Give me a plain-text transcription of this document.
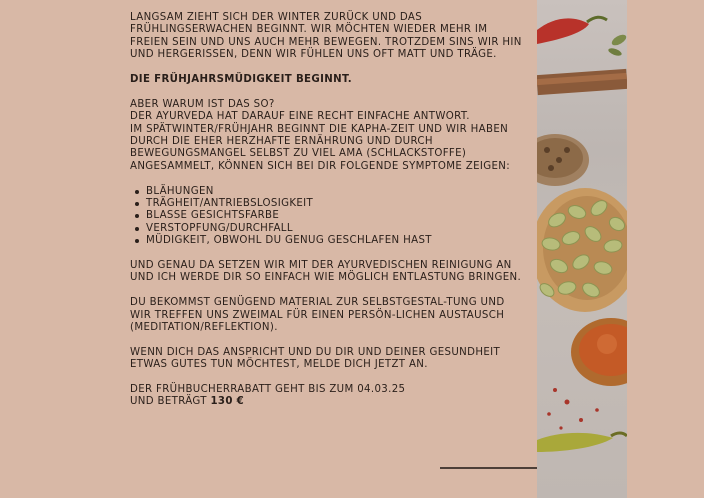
LANGSAM ZIEHT SICH DER WINTER ZURÜCK UND DAS FRÜHLINGSERWACHEN BEGINNT. WIR MÖCHTEN WIEDER MEHR IM FREIEN SEIN UND UNS AUCH MEHR BEWEGEN. TROTZDEM SINS WIR HIN UND HERGERISSEN, DENN WIR FÜHLEN UNS OFT MATT UND TRÄGE.

DIE FRÜHJAHRSMÜDIGKEIT BEGINNT.

ABER WARUM IST DAS SO?

DER AYURVEDA HAT DARAUF EINE RECHT EINFACHE ANTWORT.

IM SPÄTWINTER/FRÜHJAHR BEGINNT DIE KAPHA-ZEIT UND WIR HABEN DURCH DIE EHER HERZHAFTE ERNÄHRUNG UND DURCH BEWEGUNGSMANGEL SELBST ZU VIEL AMA (SCHLACKSTOFFE) ANGESAMMELT, KÖNNEN SICH BEI DIR FOLGENDE SYMPTOME ZEIGEN:

BLÄHUNGEN
TRÄGHEIT/ANTRIEBSLOSIGKEIT
BLASSE GESICHTSFARBE
VERSTOPFUNG/DURCHFALL
MÜDIGKEIT, OBWOHL DU GENUG GESCHLAFEN HAST

UND GENAU DA SETZEN WIR MIT DER AYURVEDISCHEN REINIGUNG AN UND ICH WERDE DIR SO EINFACH WIE MÖGLICH ENTLASTUNG BRINGEN.

DU BEKOMMST GENÜGEND MATERIAL ZUR SELBSTGESTAL-TUNG UND WIR TREFFEN UNS ZWEIMAL FÜR EINEN PERSÖN-LICHEN AUSTAUSCH (MEDITATION/REFLEKTION).

WENN DICH DAS ANSPRICHT UND DU DIR UND DEINER GESUNDHEIT ETWAS GUTES TUN MÖCHTEST, MELDE DICH JETZT AN.

DER FRÜHBUCHERRABATT GEHT BIS ZUM 04.03.25

UND BETRÄGT 130 €
